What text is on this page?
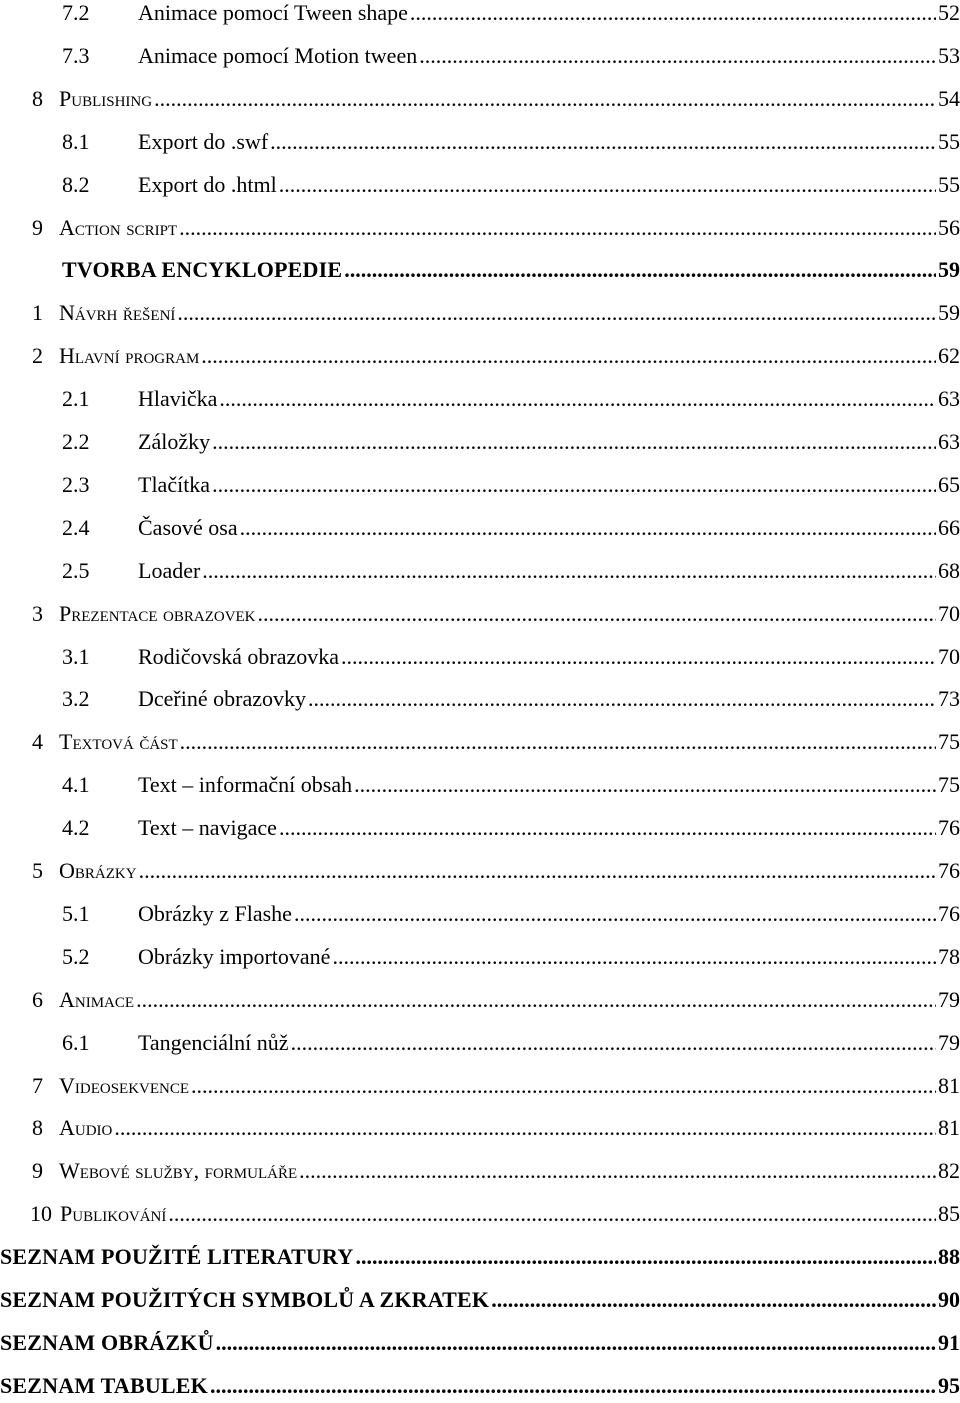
7.2	Animace pomocí Tween shape .....	52
7.3	Animace pomocí Motion tween .....	53
8 Publishing .....	54
8.1	Export do .swf .....	55
8.2	Export do .html .....	55
9 Action script .....	56
TVORBA ENCYKLOPEDIE .....	59
1 Návrh řešení .....	59
2 Hlavní program .....	62
2.1	Hlavička .....	63
2.2	Záložky .....	63
2.3	Tlačítka .....	65
2.4	Časové osa .....	66
2.5	Loader .....	68
3 Prezentace obrazovek .....	70
3.1	Rodičovská obrazovka .....	70
3.2	Dceřiné obrazovky .....	73
4 Textová část .....	75
4.1	Text – informační obsah .....	75
4.2	Text – navigace .....	76
5 Obrázky .....	76
5.1	Obrázky z Flashe .....	76
5.2	Obrázky importované .....	78
6 Animace .....	79
6.1	Tangenciální nůž .....	79
7 Videosekvence .....	81
8 Audio .....	81
9 Webové služby, formuláře .....	82
10 Publikování .....	85
SEZNAM POUŽITÉ LITERATURY .....	88
SEZNAM POUŽITÝCH SYMBOLŮ A ZKRATEK .....	90
SEZNAM OBRÁZKŮ .....	91
SEZNAM TABULEK .....	95
